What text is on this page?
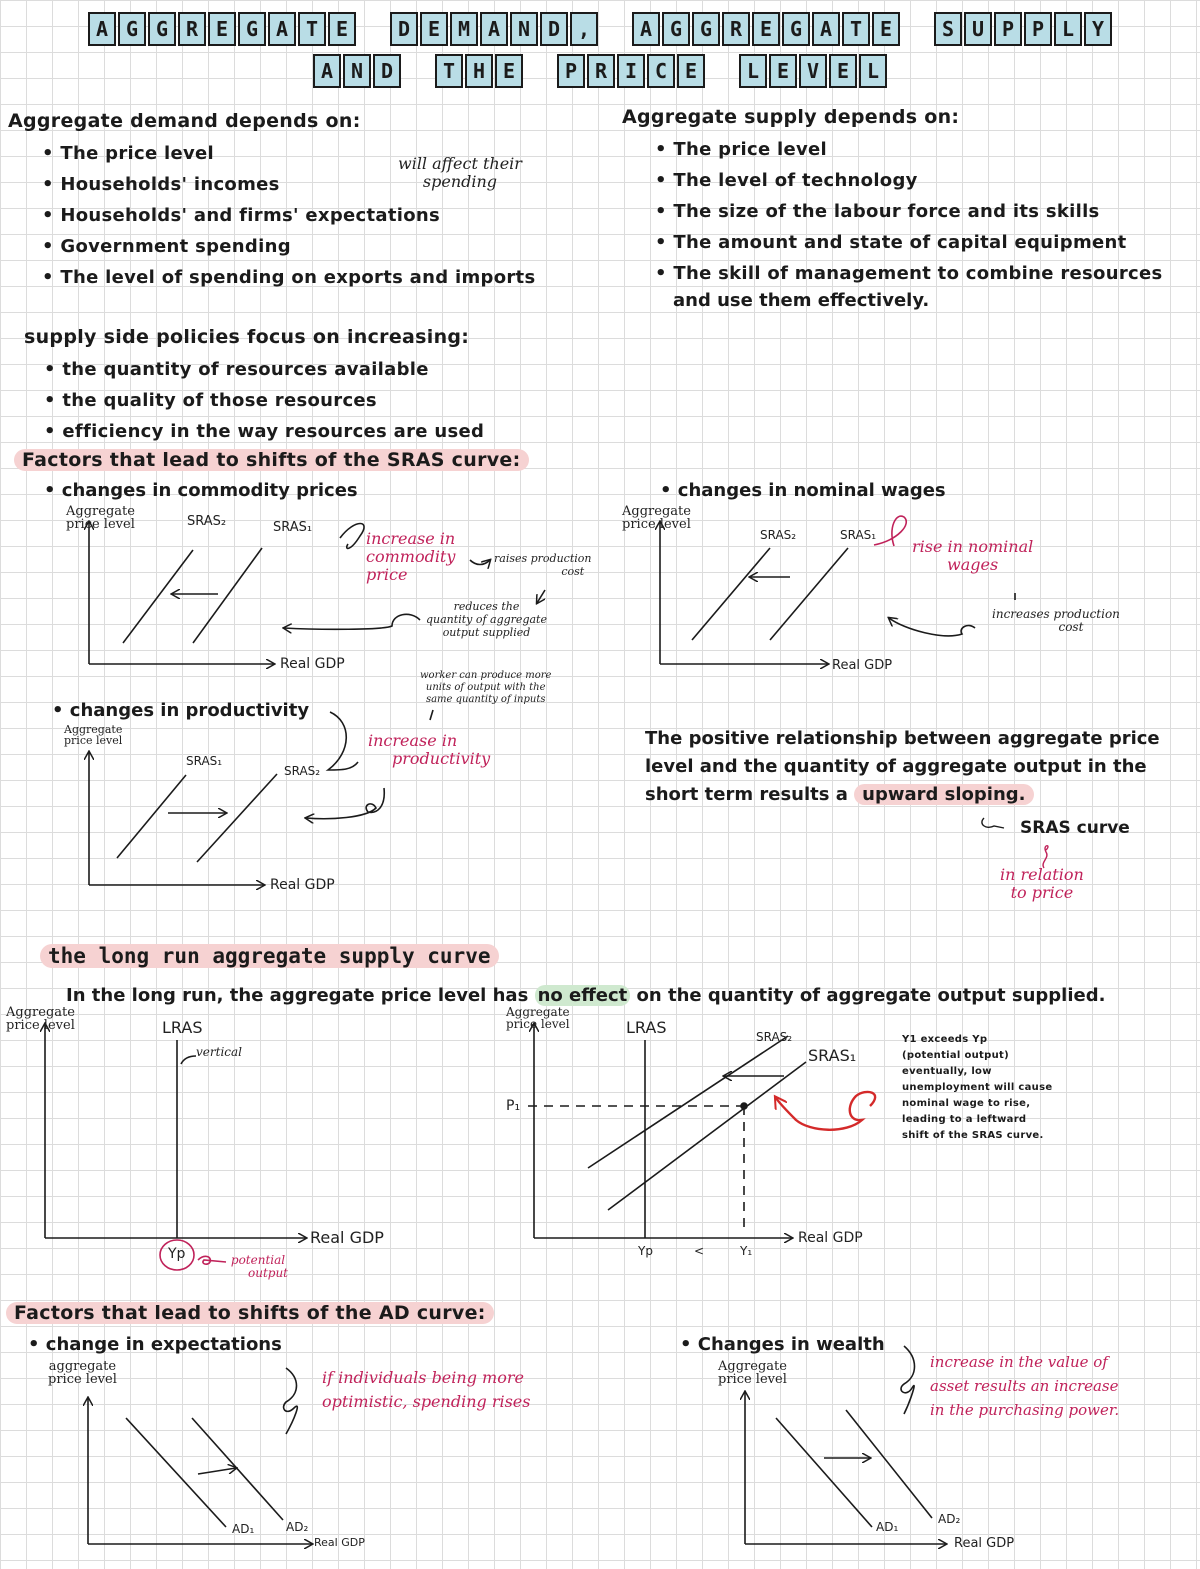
A G G R E G A T E	D E M A N D ,	A G G R E G A T E	S U P P L Y
A N D	T H E	P R I C E	L E V E L
Aggregate demand depends on:
• The price level
• Households' incomes
• Households' and firms' expectations
• Government spending
• The level of spending on exports and imports
will affect their
spending
Aggregate supply depends on:
• The price level
• The level of technology
• The size of the labour force and its skills
• The amount and state of capital equipment
• The skill of management to combine resources
and use them effectively.
supply side policies focus on increasing:
• the quantity of resources available
• the quality of those resources
• efficiency in the way resources are used
Factors that lead to shifts of the SRAS curve:
• changes in commodity prices
Aggregate
price level	SRAS₂	SRAS₁
Real GDP
increase in
commodity
price
raises production
cost
reduces the
quantity of aggregate
output supplied
• changes in nominal wages
Aggregate
price level
SRAS₂	SRAS₁
Real GDP
rise in nominal
wages
increases production
cost
• changes in productivity
Aggregate
price level
SRAS₁
SRAS₂
Real GDP
worker can produce more
units of output with the
same quantity of inputs
increase in
productivity
The positive relationship between aggregate price
level and the quantity of aggregate output in the
short term results a upward sloping.
SRAS curve
in relation
to price
the long run aggregate supply curve
In the long run, the aggregate price level has no effect on the quantity of aggregate output supplied.
Aggregate
price level	LRAS
vertical
Real GDP
Yp	potential
output
Aggregate
price level	LRAS	SRAS₂
SRAS₁
P₁
Yp	<	Y₁
Real GDP
Y1 exceeds Yp
(potential output)
eventually, low
unemployment will cause
nominal wage to rise,
leading to a leftward
shift of the SRAS curve.
Factors that lead to shifts of the AD curve:
• change in expectations
aggregate
price level
AD₁	AD₂
Real GDP
if individuals being more
optimistic, spending rises
• Changes in wealth
Aggregate
price level
AD₁
AD₂
Real GDP
increase in the value of
asset results an increase
in the purchasing power.
